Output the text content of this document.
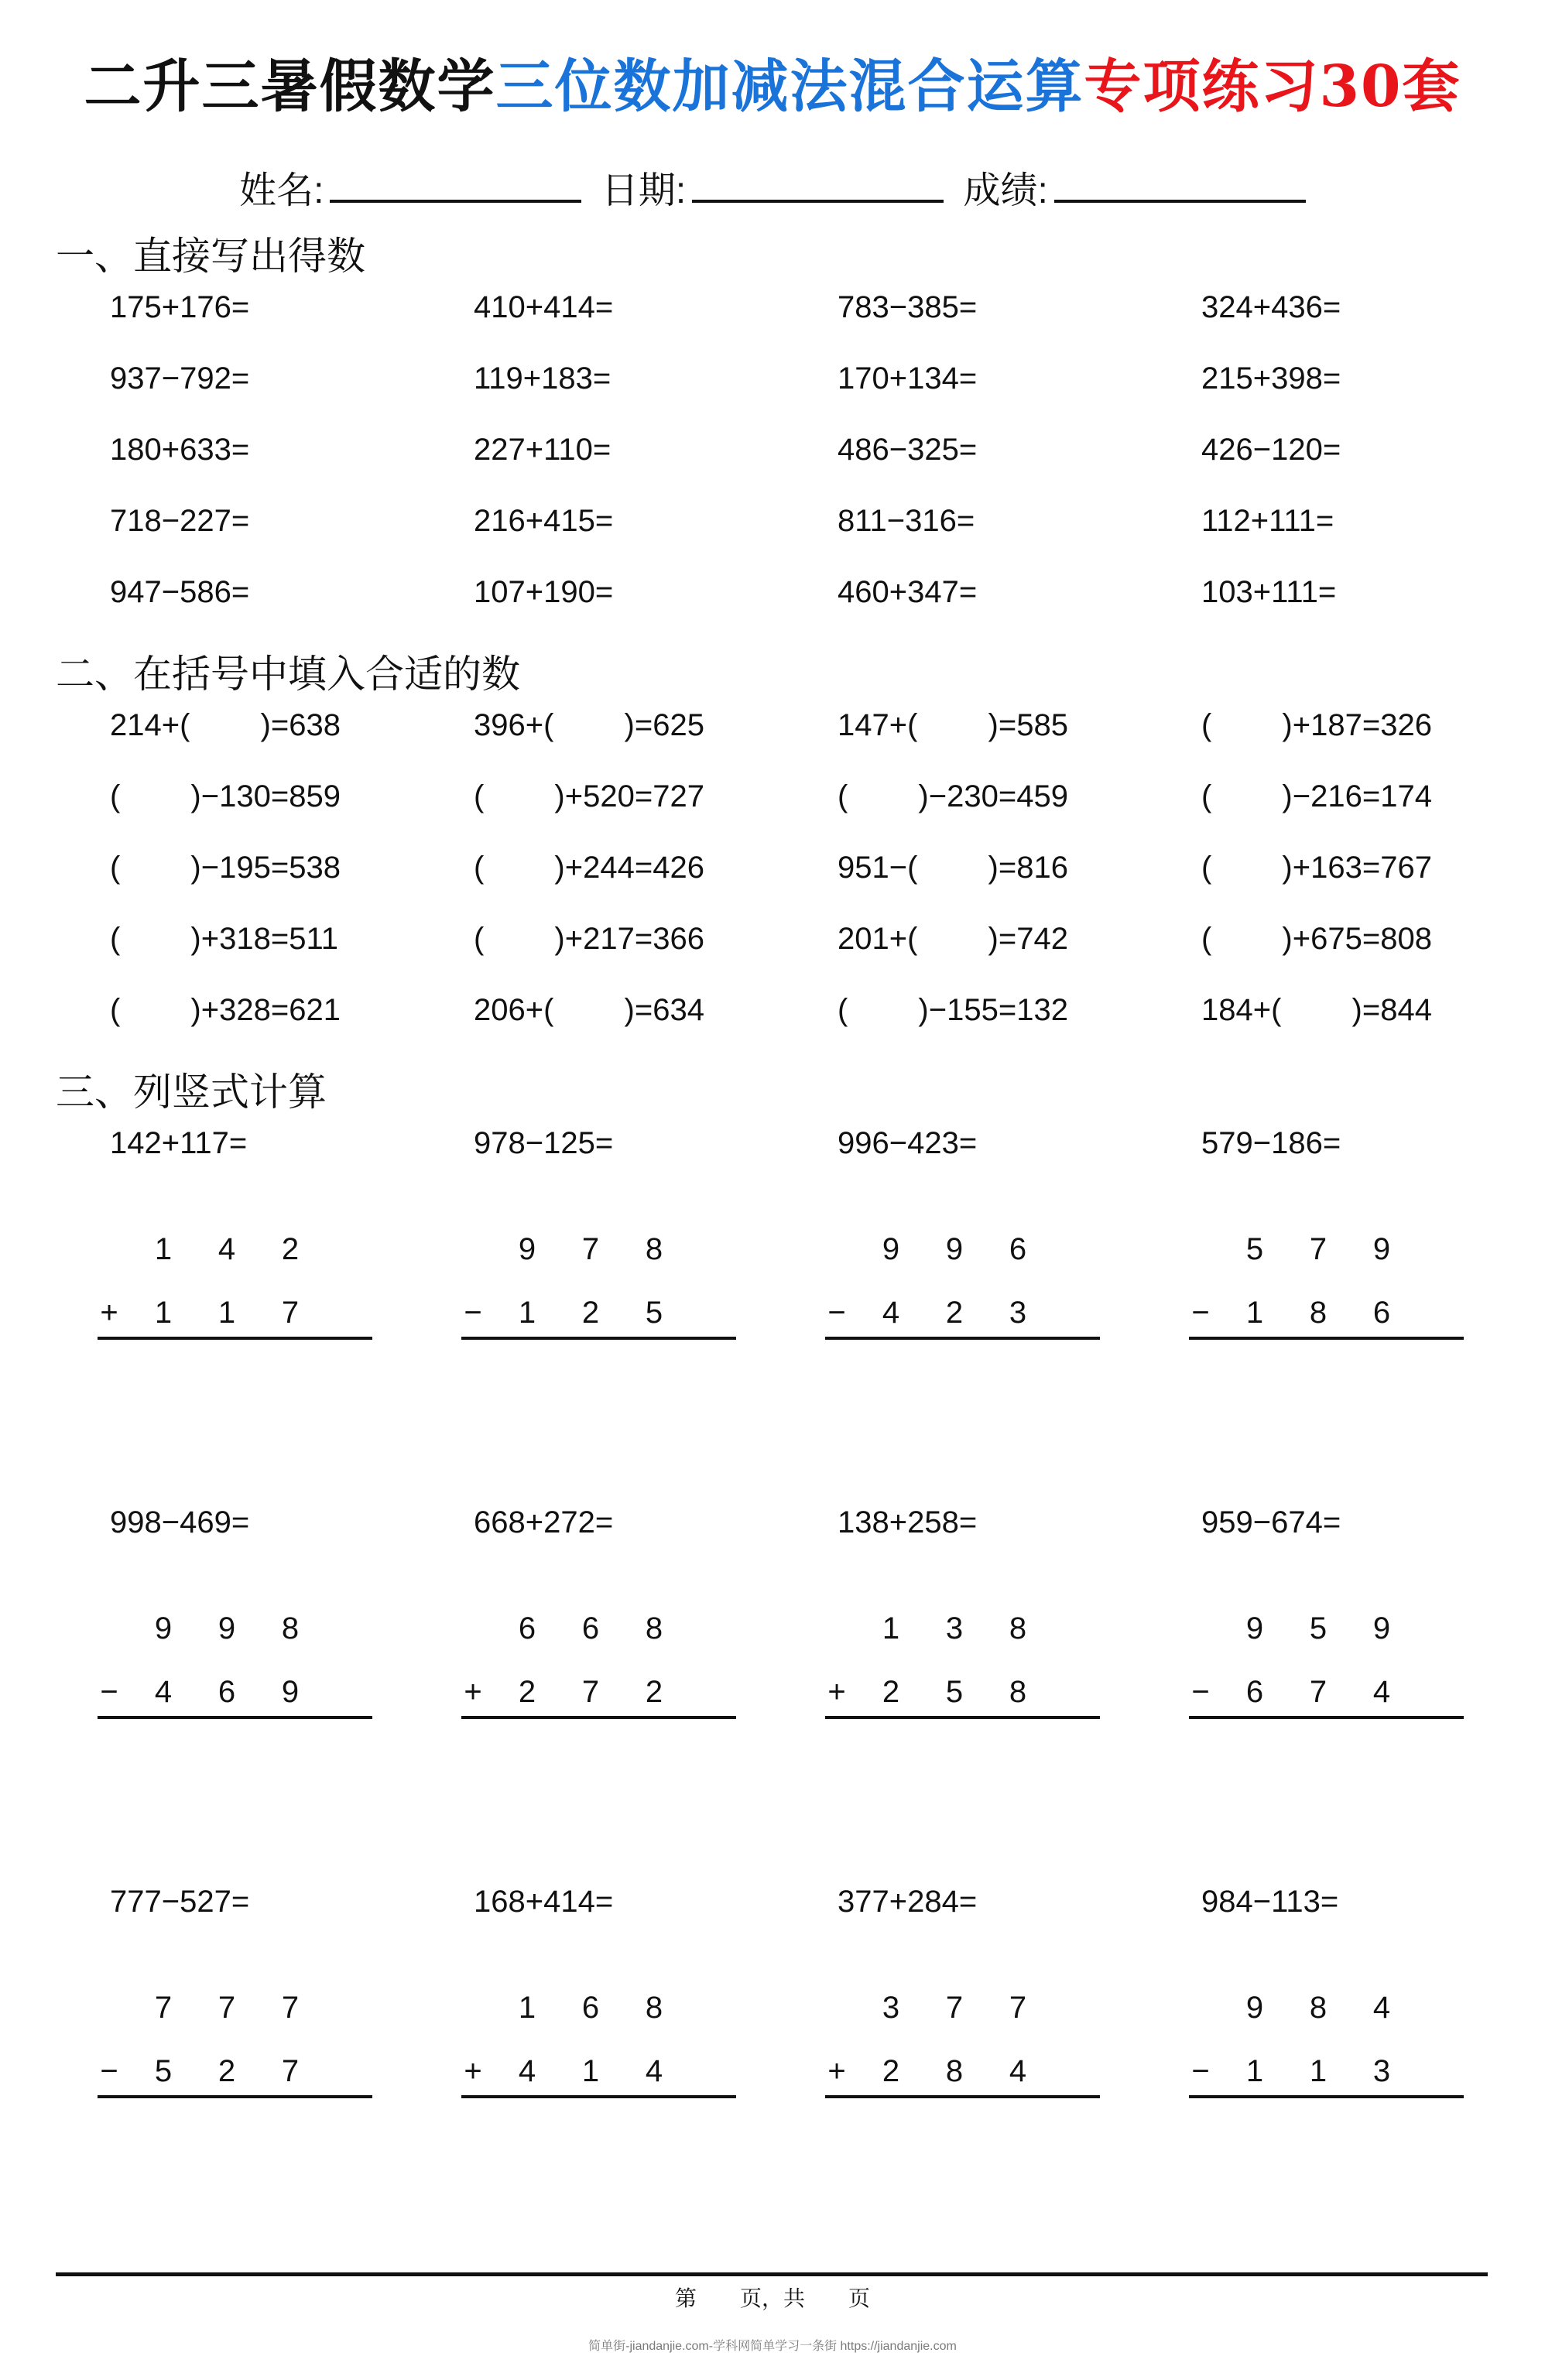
二升三暑假数学三位数加减法混合运算专项练习30套
姓名:	日期:	成绩:
一、直接写出得数
175+176=	410+414=	783−385=	324+436=
937−792=	119+183=	170+134=	215+398=
180+633=	227+110=	486−325=	426−120=
718−227=	216+415=	811−316=	112+111=
947−586=	107+190=	460+347=	103+111=
二、在括号中填入合适的数
214+(　　 )=638	396+(　　 )=625	147+(　　 )=585	(　　 )+187=326
(　　 )−130=859	(　　 )+520=727	(　　 )−230=459	(　　 )−216=174
(　　 )−195=538	(　　 )+244=426	951−(　　 )=816	(　　 )+163=767
(　　 )+318=511	(　　 )+217=366	201+(　　 )=742	(　　 )+675=808
(　　 )+328=621	206+(　　 )=634	(　　 )−155=132	184+(　　 )=844
三、列竖式计算
142+117=
1 4 2
+ 1 1 7
978−125=
9 7 8
− 1 2 5
996−423=
9 9 6
− 4 2 3
579−186=
5 7 9
− 1 8 6
998−469=
9 9 8
− 4 6 9
668+272=
6 6 8
+ 2 7 2
138+258=
1 3 8
+ 2 5 8
959−674=
9 5 9
− 6 7 4
777−527=
7 7 7
− 5 2 7
168+414=
1 6 8
+ 4 1 4
377+284=
3 7 7
+ 2 8 4
984−113=
9 8 4
− 1 1 3
第　　页，共　　页
简单街-jiandanjie.com-学科网简单学习一条街 https://jiandanjie.com
